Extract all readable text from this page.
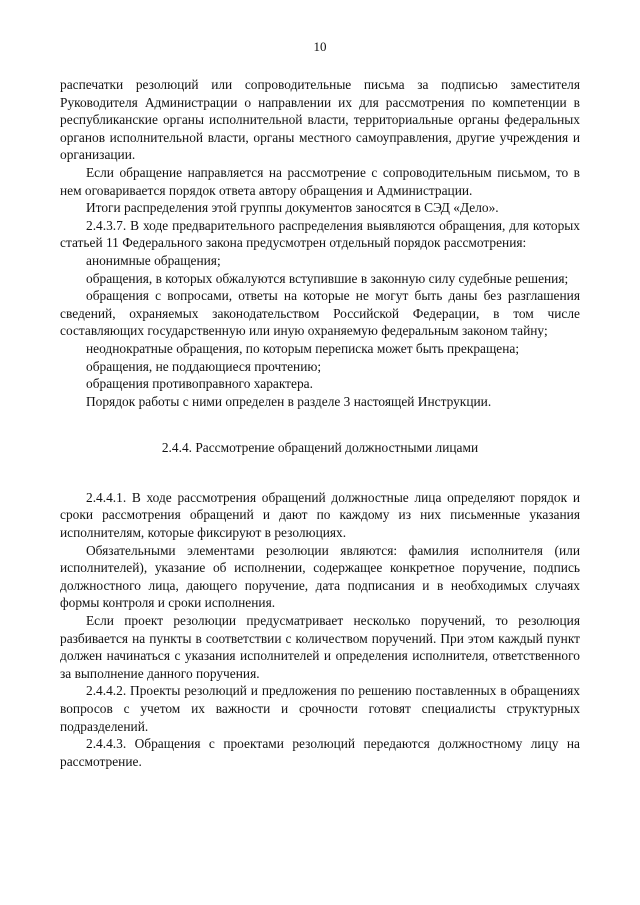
10

распечатки резолюций или сопроводительные письма за подписью заместителя Руководителя Администрации о направлении их для рассмотрения по компетенции в республиканские органы исполнительной власти, территориальные органы федеральных органов исполнительной власти, органы местного самоуправления, другие учреждения и организации.

Если обращение направляется на рассмотрение с сопроводительным письмом, то в нем оговаривается порядок ответа автору обращения и Администрации.

Итоги распределения этой группы документов заносятся в СЭД «Дело».

2.4.3.7. В ходе предварительного распределения выявляются обращения, для которых статьей 11 Федерального закона предусмотрен отдельный порядок рассмотрения:

анонимные обращения;

обращения, в которых обжалуются вступившие в законную силу судебные решения;

обращения с вопросами, ответы на которые не могут быть даны без разглашения сведений, охраняемых законодательством Российской Федерации, в том числе составляющих государственную или иную охраняемую федеральным законом тайну;

неоднократные обращения, по которым переписка может быть прекращена;

обращения, не поддающиеся прочтению;

обращения противоправного характера.

Порядок работы с ними определен в разделе 3 настоящей Инструкции.

2.4.4. Рассмотрение обращений должностными лицами

2.4.4.1. В ходе рассмотрения обращений должностные лица определяют порядок и сроки рассмотрения обращений и дают по каждому из них письменные указания исполнителям, которые фиксируют в резолюциях.

Обязательными элементами резолюции являются: фамилия исполнителя (или исполнителей), указание об исполнении, содержащее конкретное поручение, подпись должностного лица, дающего поручение, дата подписания и в необходимых случаях формы контроля и сроки исполнения.

Если проект резолюции предусматривает несколько поручений, то резолюция разбивается на пункты в соответствии с количеством поручений. При этом каждый пункт должен начинаться с указания исполнителей и определения исполнителя, ответственного за выполнение данного поручения.

2.4.4.2. Проекты резолюций и предложения по решению поставленных в обращениях вопросов с учетом их важности и срочности готовят специалисты структурных подразделений.

2.4.4.3. Обращения с проектами резолюций передаются должностному лицу на рассмотрение.
